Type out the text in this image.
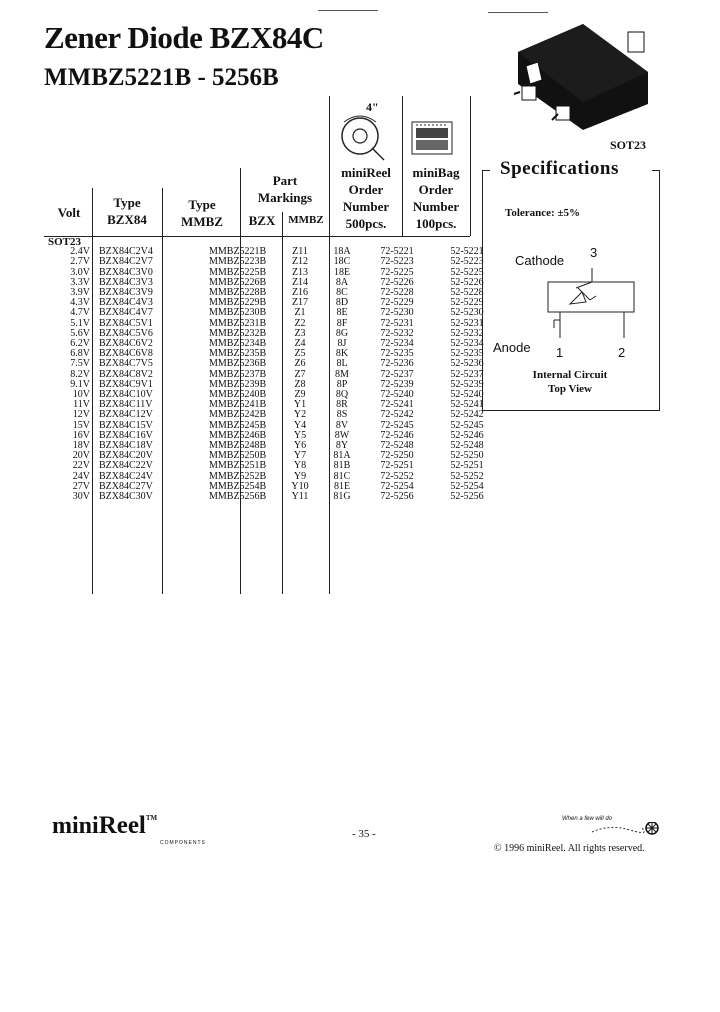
Zener Diode BZX84C
MMBZ5221B - 5256B
SOT23
4"
Volt
Type
BZX84
Type
MMBZ
Part
Markings
BZX	MMBZ
miniReel
Order
Number
500pcs.
miniBag
Order
Number
100pcs.
SOT23						
2.4V	BZX84C2V4	MMBZ5221B	Z11	18A	72-5221	52-5221
2.7V	BZX84C2V7	MMBZ5223B	Z12	18C	72-5223	52-5223
3.0V	BZX84C3V0	MMBZ5225B	Z13	18E	72-5225	52-5225
3.3V	BZX84C3V3	MMBZ5226B	Z14	8A	72-5226	52-5226
3.9V	BZX84C3V9	MMBZ5228B	Z16	8C	72-5228	52-5228
4.3V	BZX84C4V3	MMBZ5229B	Z17	8D	72-5229	52-5229
4.7V	BZX84C4V7	MMBZ5230B	Z1	8E	72-5230	52-5230
5.1V	BZX84C5V1	MMBZ5231B	Z2	8F	72-5231	52-5231
5.6V	BZX84C5V6	MMBZ5232B	Z3	8G	72-5232	52-5232
6.2V	BZX84C6V2	MMBZ5234B	Z4	8J	72-5234	52-5234
6.8V	BZX84C6V8	MMBZ5235B	Z5	8K	72-5235	52-5235
7.5V	BZX84C7V5	MMBZ5236B	Z6	8L	72-5236	52-5236
8.2V	BZX84C8V2	MMBZ5237B	Z7	8M	72-5237	52-5237
9.1V	BZX84C9V1	MMBZ5239B	Z8	8P	72-5239	52-5239
10V	BZX84C10V	MMBZ5240B	Z9	8Q	72-5240	52-5240
11V	BZX84C11V	MMBZ5241B	Y1	8R	72-5241	52-5241
12V	BZX84C12V	MMBZ5242B	Y2	8S	72-5242	52-5242
15V	BZX84C15V	MMBZ5245B	Y4	8V	72-5245	52-5245
16V	BZX84C16V	MMBZ5246B	Y5	8W	72-5246	52-5246
18V	BZX84C18V	MMBZ5248B	Y6	8Y	72-5248	52-5248
20V	BZX84C20V	MMBZ5250B	Y7	81A	72-5250	52-5250
22V	BZX84C22V	MMBZ5251B	Y8	81B	72-5251	52-5251
24V	BZX84C24V	MMBZ5252B	Y9	81C	72-5252	52-5252
27V	BZX84C27V	MMBZ5254B	Y10	81E	72-5254	52-5254
30V	BZX84C30V	MMBZ5256B	Y11	81G	72-5256	52-5256
Specifications
Tolerance: ±5%
Cathode
3
Anode 1	2
Internal Circuit
Top View
miniReel™
COMPONENTS
- 35 -
When a few will do
© 1996 miniReel. All rights reserved.
